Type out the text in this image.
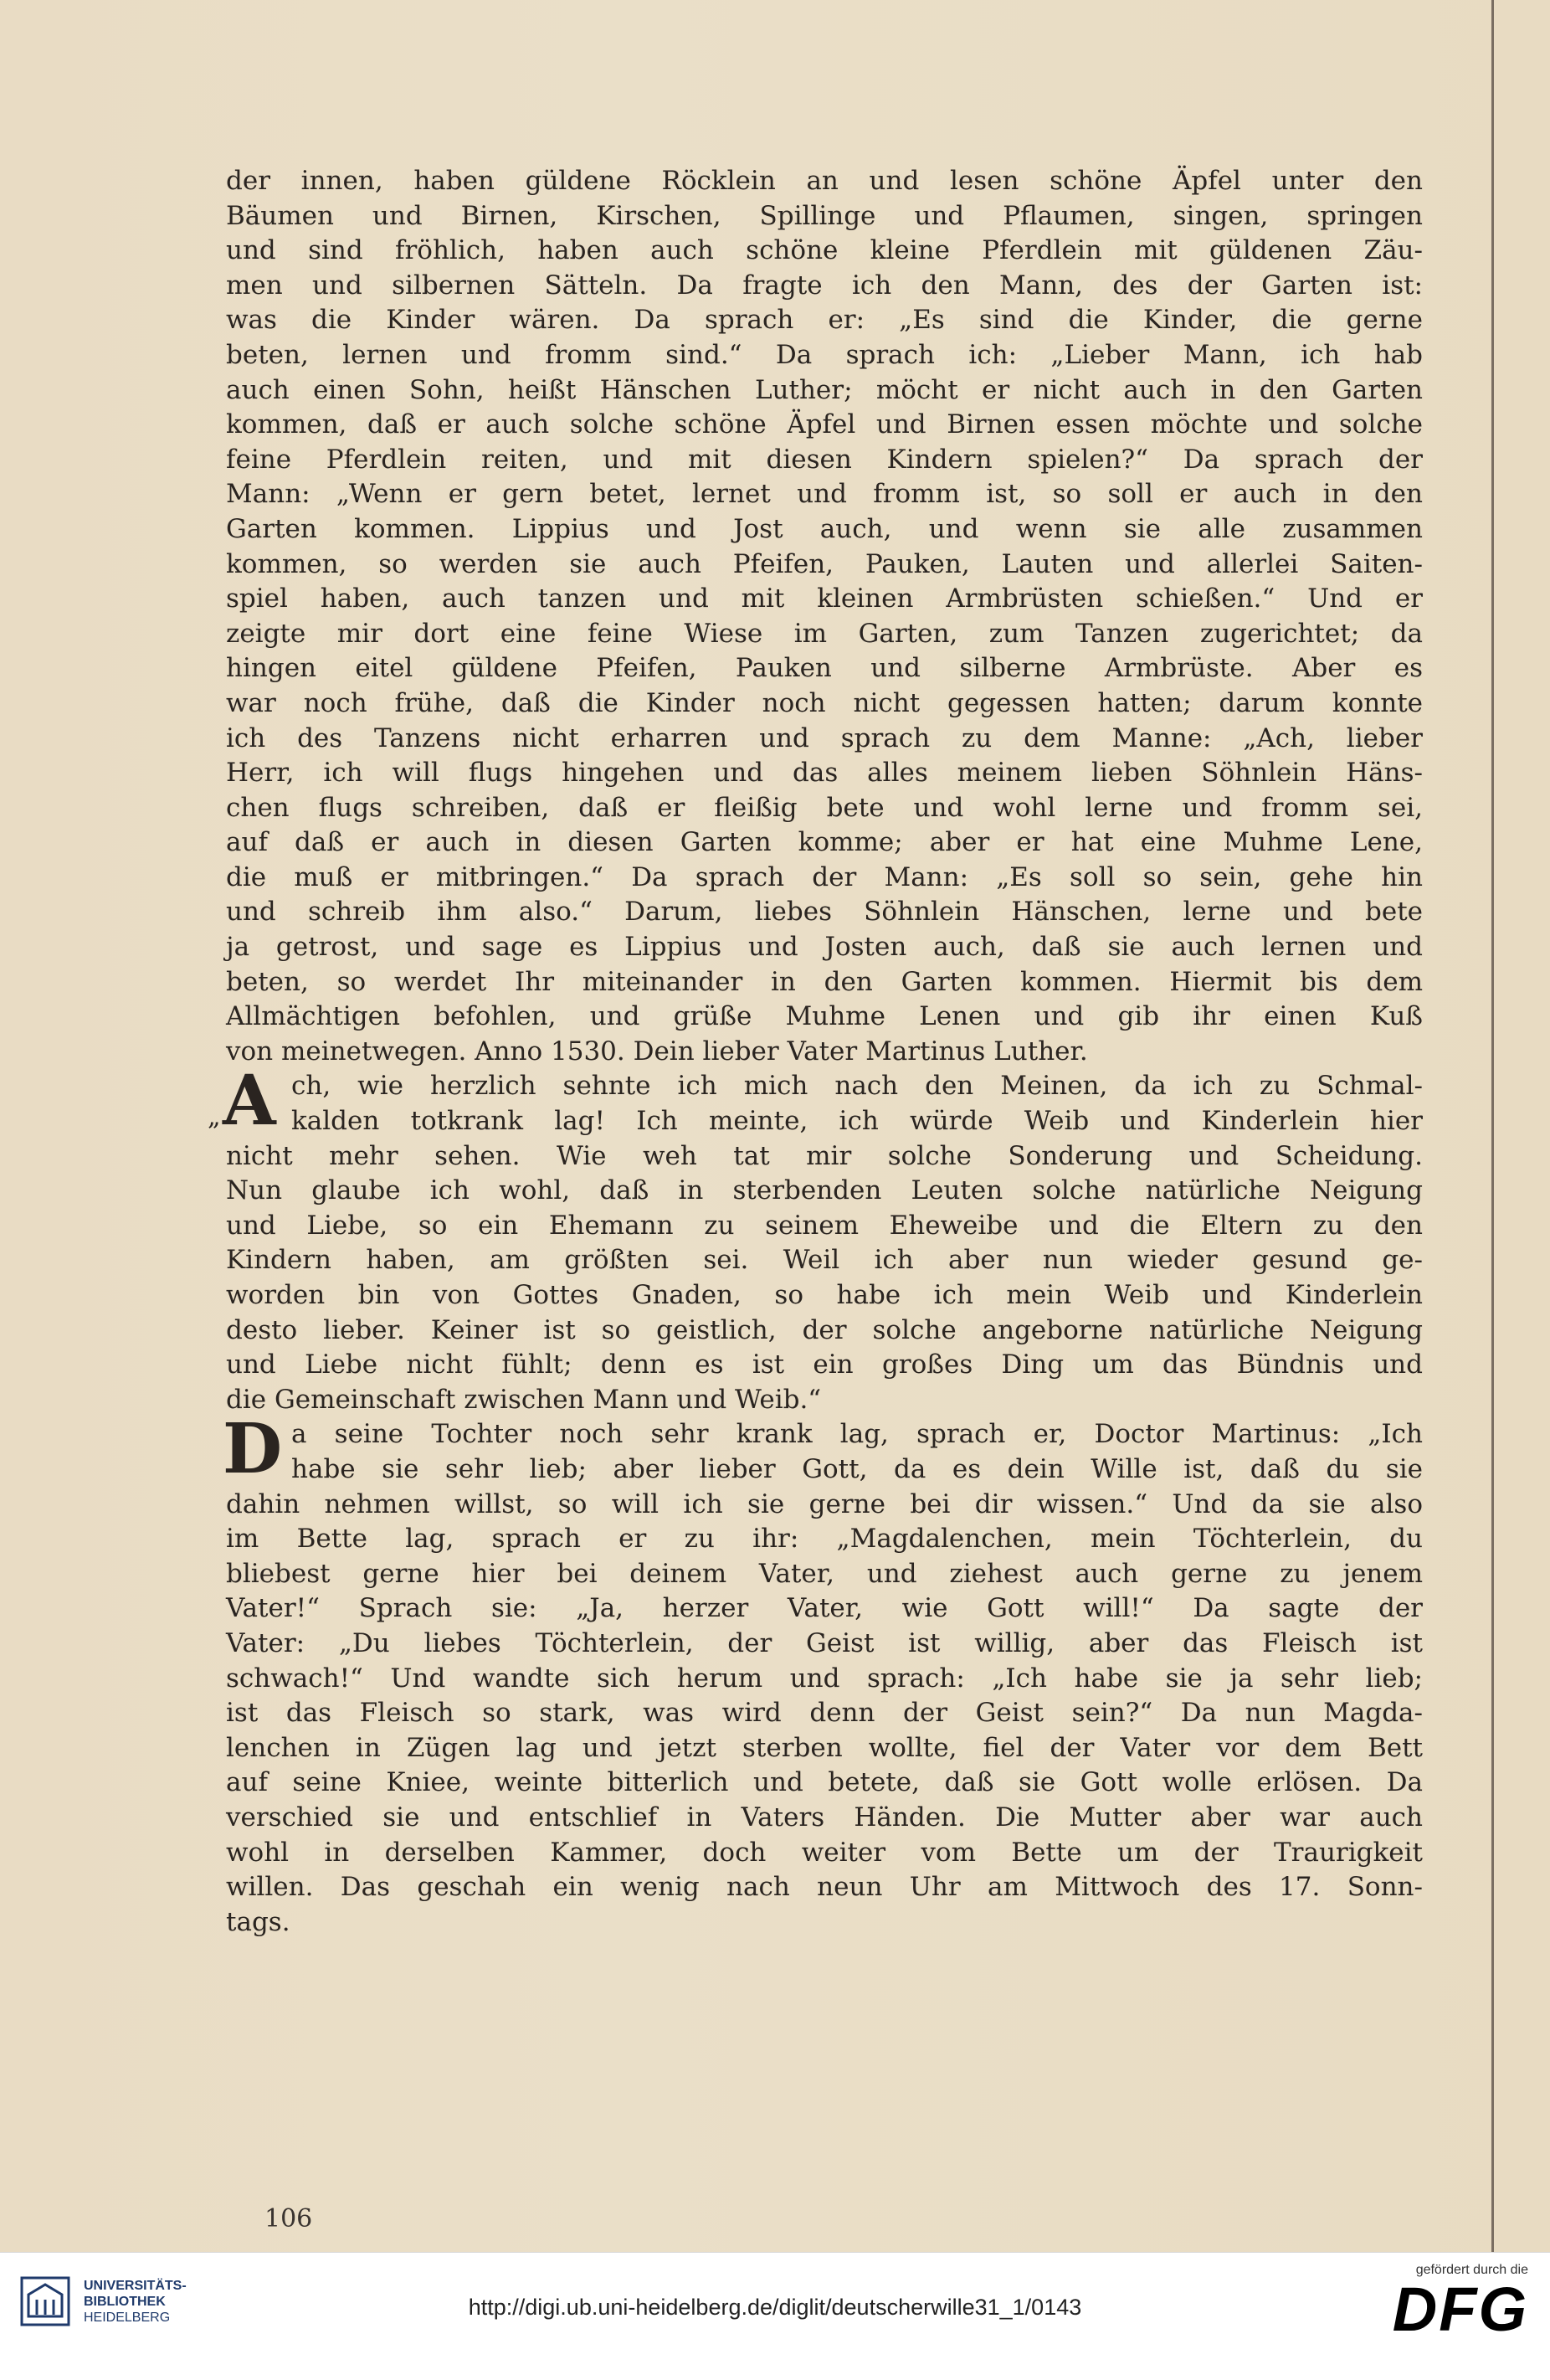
der innen, haben güldene Röcklein an und lesen schöne Äpfel unter den
Bäumen und Birnen, Kirschen, Spillinge und Pflaumen, singen, springen
und sind fröhlich, haben auch schöne kleine Pferdlein mit güldenen Zäu-
men und silbernen Sätteln. Da fragte ich den Mann, des der Garten ist:
was die Kinder wären. Da sprach er: „Es sind die Kinder, die gerne
beten, lernen und fromm sind.“ Da sprach ich: „Lieber Mann, ich hab
auch einen Sohn, heißt Hänschen Luther; möcht er nicht auch in den Garten
kommen, daß er auch solche schöne Äpfel und Birnen essen möchte und solche
feine Pferdlein reiten, und mit diesen Kindern spielen?“ Da sprach der
Mann: „Wenn er gern betet, lernet und fromm ist, so soll er auch in den
Garten kommen. Lippius und Jost auch, und wenn sie alle zusammen
kommen, so werden sie auch Pfeifen, Pauken, Lauten und allerlei Saiten-
spiel haben, auch tanzen und mit kleinen Armbrüsten schießen.“ Und er
zeigte mir dort eine feine Wiese im Garten, zum Tanzen zugerichtet; da
hingen eitel güldene Pfeifen, Pauken und silberne Armbrüste. Aber es
war noch frühe, daß die Kinder noch nicht gegessen hatten; darum konnte
ich des Tanzens nicht erharren und sprach zu dem Manne: „Ach, lieber
Herr, ich will flugs hingehen und das alles meinem lieben Söhnlein Häns-
chen flugs schreiben, daß er fleißig bete und wohl lerne und fromm sei,
auf daß er auch in diesen Garten komme; aber er hat eine Muhme Lene,
die muß er mitbringen.“ Da sprach der Mann: „Es soll so sein, gehe hin
und schreib ihm also.“ Darum, liebes Söhnlein Hänschen, lerne und bete
ja getrost, und sage es Lippius und Josten auch, daß sie auch lernen und
beten, so werdet Ihr miteinander in den Garten kommen. Hiermit bis dem
Allmächtigen befohlen, und grüße Muhme Lenen und gib ihr einen Kuß
von meinetwegen. Anno 1530. Dein lieber Vater Martinus Luther.
A
„
ch, wie herzlich sehnte ich mich nach den Meinen, da ich zu Schmal-
kalden totkrank lag! Ich meinte, ich würde Weib und Kinderlein hier
nicht mehr sehen. Wie weh tat mir solche Sonderung und Scheidung.
Nun glaube ich wohl, daß in sterbenden Leuten solche natürliche Neigung
und Liebe, so ein Ehemann zu seinem Eheweibe und die Eltern zu den
Kindern haben, am größten sei. Weil ich aber nun wieder gesund ge-
worden bin von Gottes Gnaden, so habe ich mein Weib und Kinderlein
desto lieber. Keiner ist so geistlich, der solche angeborne natürliche Neigung
und Liebe nicht fühlt; denn es ist ein großes Ding um das Bündnis und
die Gemeinschaft zwischen Mann und Weib.“
D a seine Tochter noch sehr krank lag, sprach er, Doctor Martinus: „Ich
habe sie sehr lieb; aber lieber Gott, da es dein Wille ist, daß du sie
dahin nehmen willst, so will ich sie gerne bei dir wissen.“ Und da sie also
im Bette lag, sprach er zu ihr: „Magdalenchen, mein Töchterlein, du
bliebest gerne hier bei deinem Vater, und ziehest auch gerne zu jenem
Vater!“ Sprach sie: „Ja, herzer Vater, wie Gott will!“ Da sagte der
Vater: „Du liebes Töchterlein, der Geist ist willig, aber das Fleisch ist
schwach!“ Und wandte sich herum und sprach: „Ich habe sie ja sehr lieb;
ist das Fleisch so stark, was wird denn der Geist sein?“ Da nun Magda-
lenchen in Zügen lag und jetzt sterben wollte, fiel der Vater vor dem Bett
auf seine Kniee, weinte bitterlich und betete, daß sie Gott wolle erlösen. Da
verschied sie und entschlief in Vaters Händen. Die Mutter aber war auch
wohl in derselben Kammer, doch weiter vom Bette um der Traurigkeit
willen. Das geschah ein wenig nach neun Uhr am Mittwoch des 17. Sonn-
tags.
106
UNIVERSITÄTS-
BIBLIOTHEK
HEIDELBERG	http://digi.ub.uni-heidelberg.de/diglit/deutscherwille31_1/0143
gefördert durch die
DFG
